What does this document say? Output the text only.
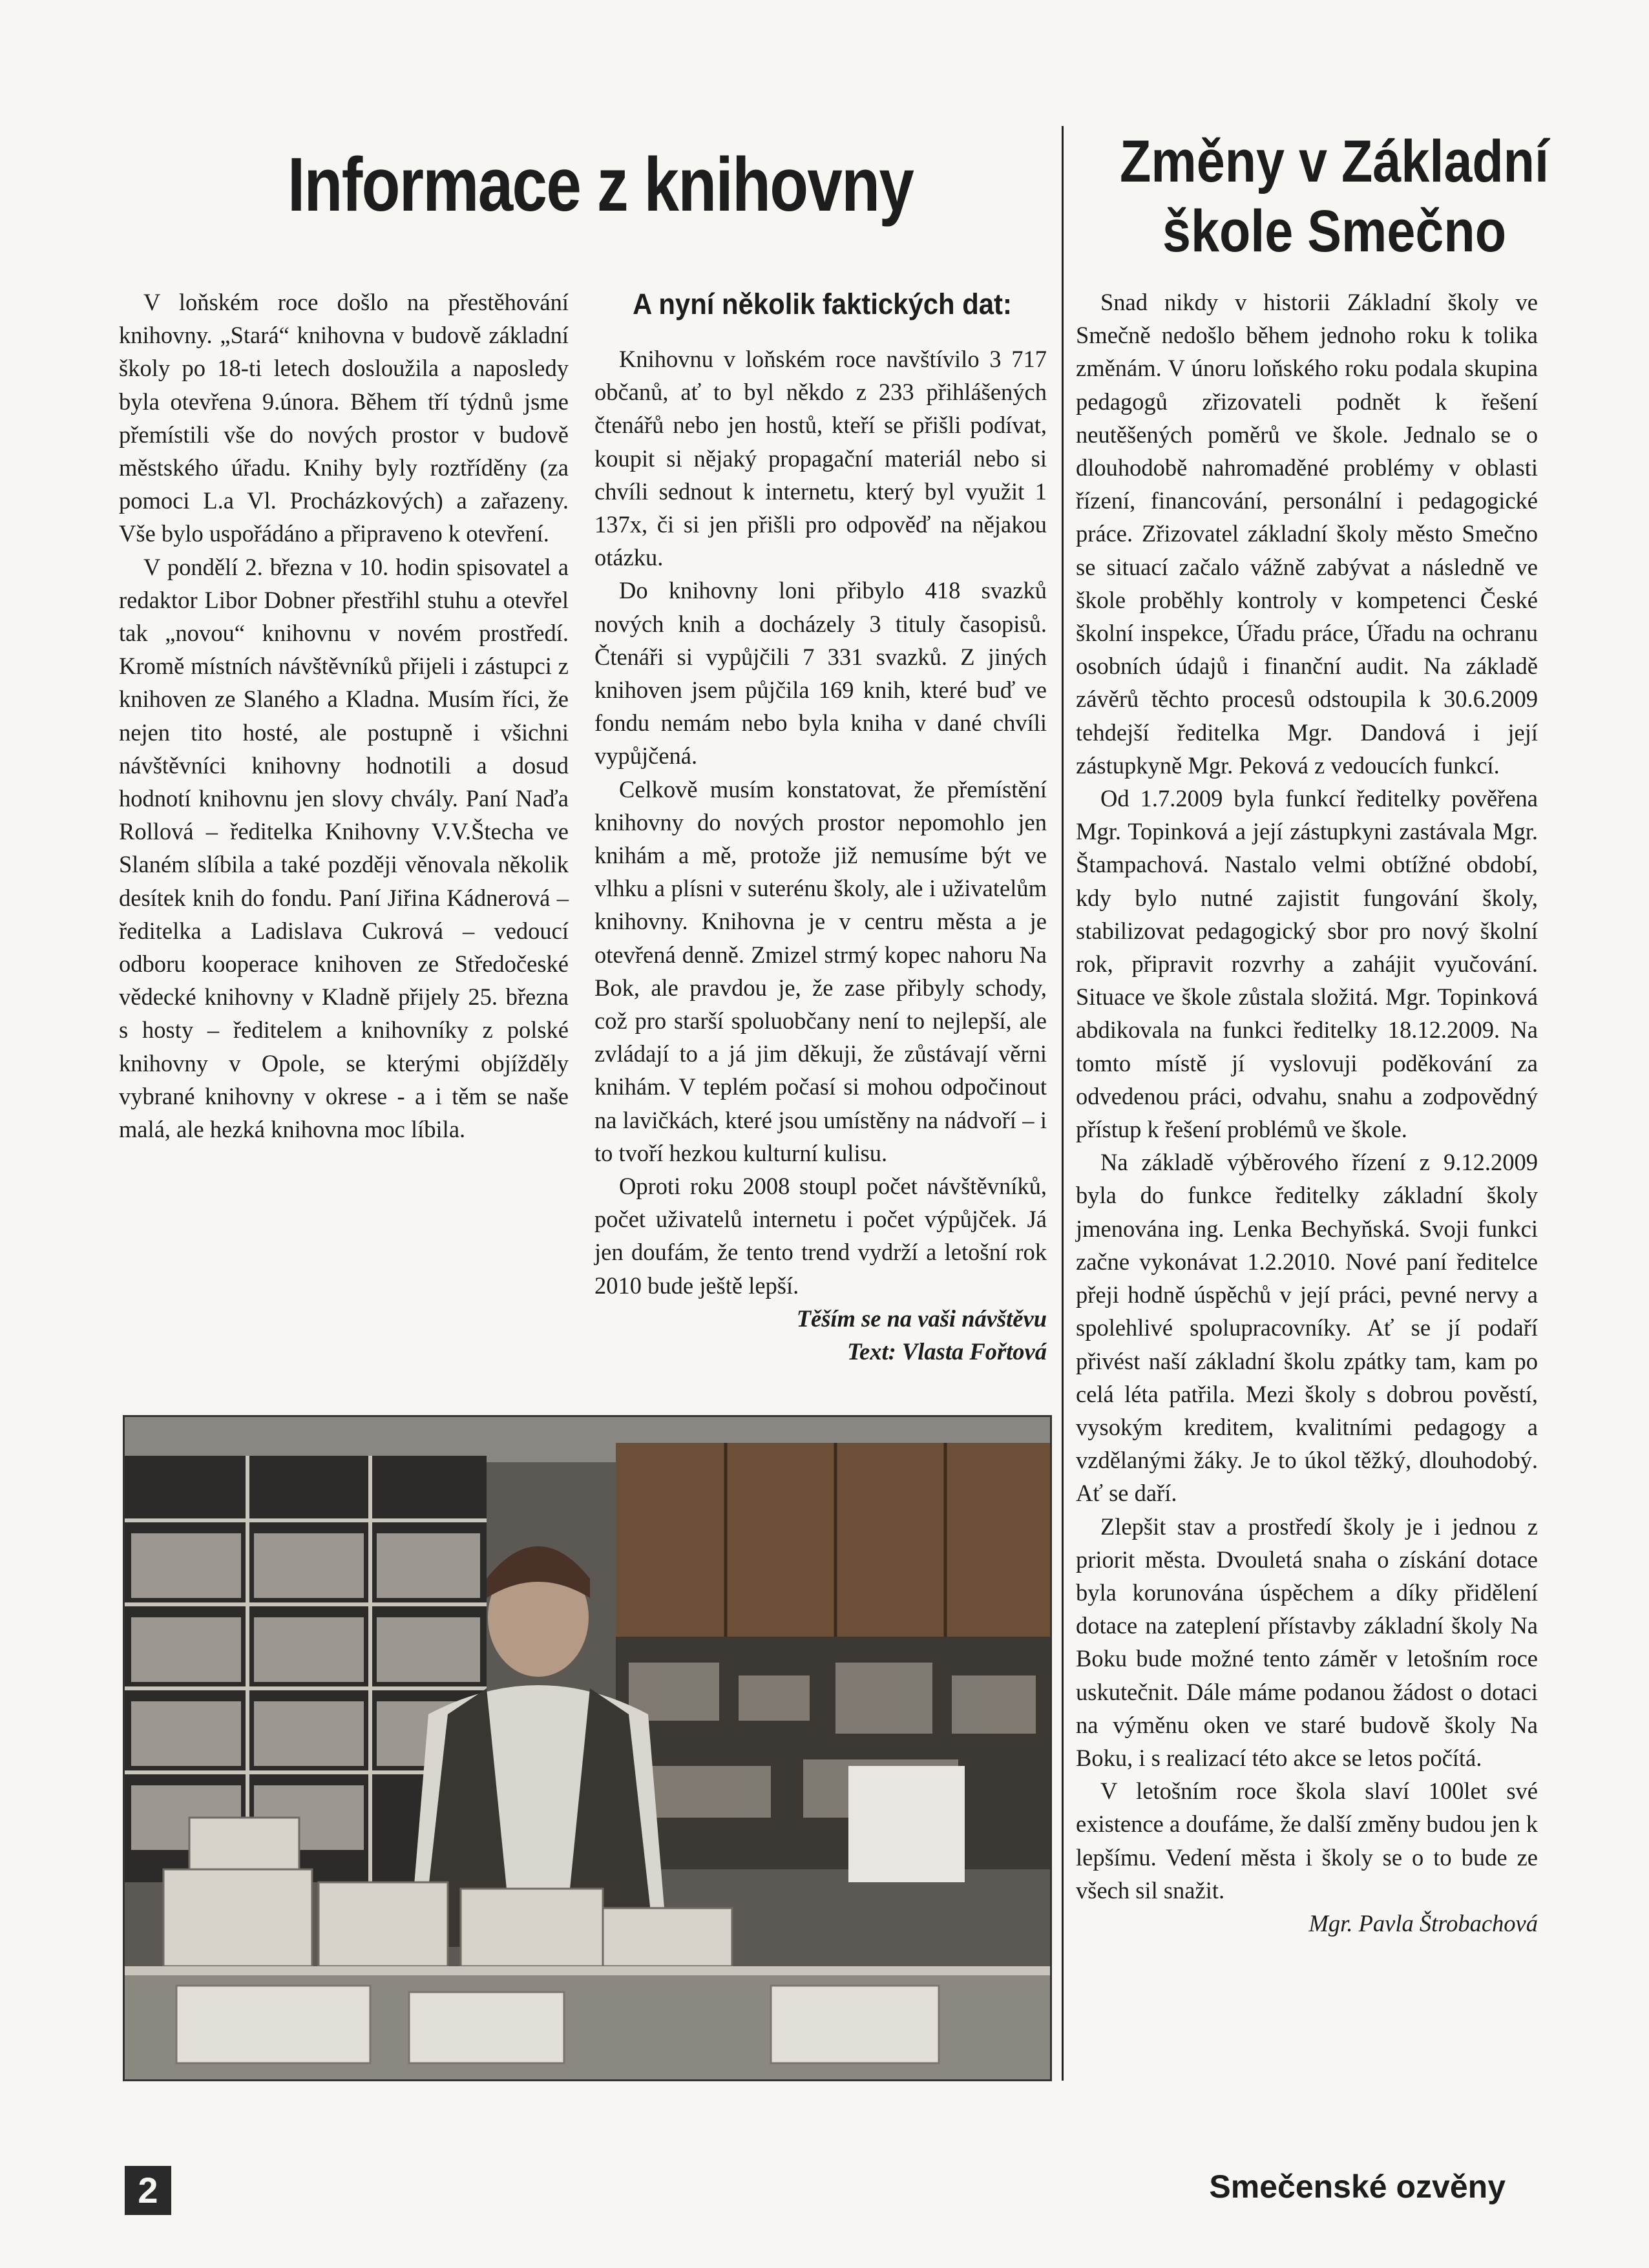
Informace z knihovny	Změny v Základní škole Smečno

V loňském roce došlo na přestěhování knihovny. „Stará“ knihovna v budově základní školy po 18-ti letech dosloužila a naposledy byla otevřena 9.února. Během tří týdnů jsme přemístili vše do nových prostor v budově městského úřadu. Knihy byly roztříděny (za pomoci L.a Vl. Procházkových) a zařazeny. Vše bylo uspořádáno a připraveno k otevření.

V pondělí 2. března v 10. hodin spisovatel a redaktor Libor Dobner přestřihl stuhu a otevřel tak „novou“ knihovnu v novém prostředí. Kromě místních návštěvníků přijeli i zástupci z knihoven ze Slaného a Kladna. Musím říci, že nejen tito hosté, ale postupně i všichni návštěvníci knihovny hodnotili a dosud hodnotí knihovnu jen slovy chvály. Paní Naďa Rollová – ředitelka Knihovny V.V.Štecha ve Slaném slíbila a také později věnovala několik desítek knih do fondu. Paní Jiřina Kádnerová – ředitelka a Ladislava Cukrová – vedoucí odboru kooperace knihoven ze Středočeské vědecké knihovny v Kladně přijely 25. března s hosty – ředitelem a knihovníky z polské knihovny v Opole, se kterými objížděly vybrané knihovny v okrese - a i těm se naše malá, ale hezká knihovna moc líbila.

A nyní několik faktických dat:

Knihovnu v loňském roce navštívilo 3 717 občanů, ať to byl někdo z 233 přihlášených čtenářů nebo jen hostů, kteří se přišli podívat, koupit si nějaký propagační materiál nebo si chvíli sednout k internetu, který byl využit 1 137x, či si jen přišli pro odpověď na nějakou otázku.

Do knihovny loni přibylo 418 svazků nových knih a docházely 3 tituly časopisů. Čtenáři si vypůjčili 7 331 svazků. Z jiných knihoven jsem půjčila 169 knih, které buď ve fondu nemám nebo byla kniha v dané chvíli vypůjčená.

Celkově musím konstatovat, že přemístění knihovny do nových prostor nepomohlo jen knihám a mě, protože již nemusíme být ve vlhku a plísni v suterénu školy, ale i uživatelům knihovny. Knihovna je v centru města a je otevřená denně. Zmizel strmý kopec nahoru Na Bok, ale pravdou je, že zase přibyly schody, což pro starší spoluobčany není to nejlepší, ale zvládají to a já jim děkuji, že zůstávají věrni knihám. V teplém počasí si mohou odpočinout na lavičkách, které jsou umístěny na nádvoří – i to tvoří hezkou kulturní kulisu.

Oproti roku 2008 stoupl počet návštěvníků, počet uživatelů internetu i počet výpůjček. Já jen doufám, že tento trend vydrží a letošní rok 2010 bude ještě lepší.

Těším se na vaši návštěvu

Text: Vlasta Fořtová

Snad nikdy v historii Základní školy ve Smečně nedošlo během jednoho roku k tolika změnám. V únoru loňského roku podala skupina pedagogů zřizovateli podnět k řešení neutěšených poměrů ve škole. Jednalo se o dlouhodobě nahromaděné problémy v oblasti řízení, financování, personální i pedagogické práce. Zřizovatel základní školy město Smečno se situací začalo vážně zabývat a následně ve škole proběhly kontroly v kompetenci České školní inspekce, Úřadu práce, Úřadu na ochranu osobních údajů i finanční audit. Na základě závěrů těchto procesů odstoupila k 30.6.2009 tehdejší ředitelka Mgr. Dandová i její zástupkyně Mgr. Peková z vedoucích funkcí.

Od 1.7.2009 byla funkcí ředitelky pověřena Mgr. Topinková a její zástupkyni zastávala Mgr. Štampachová. Nastalo velmi obtížné období, kdy bylo nutné zajistit fungování školy, stabilizovat pedagogický sbor pro nový školní rok, připravit rozvrhy a zahájit vyučování. Situace ve škole zůstala složitá. Mgr. Topinková abdikovala na funkci ředitelky 18.12.2009. Na tomto místě jí vyslovuji poděkování za odvedenou práci, odvahu, snahu a zodpovědný přístup k řešení problémů ve škole.

Na základě výběrového řízení z 9.12.2009 byla do funkce ředitelky základní školy jmenována ing. Lenka Bechyňská. Svoji funkci začne vykonávat 1.2.2010. Nové paní ředitelce přeji hodně úspěchů v její práci, pevné nervy a spolehlivé spolupracovníky. Ať se jí podaří přivést naší základní školu zpátky tam, kam po celá léta patřila. Mezi školy s dobrou pověstí, vysokým kreditem, kvalitními pedagogy a vzdělanými žáky. Je to úkol těžký, dlouhodobý. Ať se daří.

Zlepšit stav a prostředí školy je i jednou z priorit města. Dvouletá snaha o získání dotace byla korunována úspěchem a díky přidělení dotace na zateplení přístavby základní školy Na Boku bude možné tento záměr v letošním roce uskutečnit. Dále máme podanou žádost o dotaci na výměnu oken ve staré budově školy Na Boku, i s realizací této akce se letos počítá.

V letošním roce škola slaví 100let své existence a doufáme, že další změny budou jen k lepšímu. Vedení města i školy se o to bude ze všech sil snažit.

Mgr. Pavla Štrobachová

2	Smečenské ozvěny
